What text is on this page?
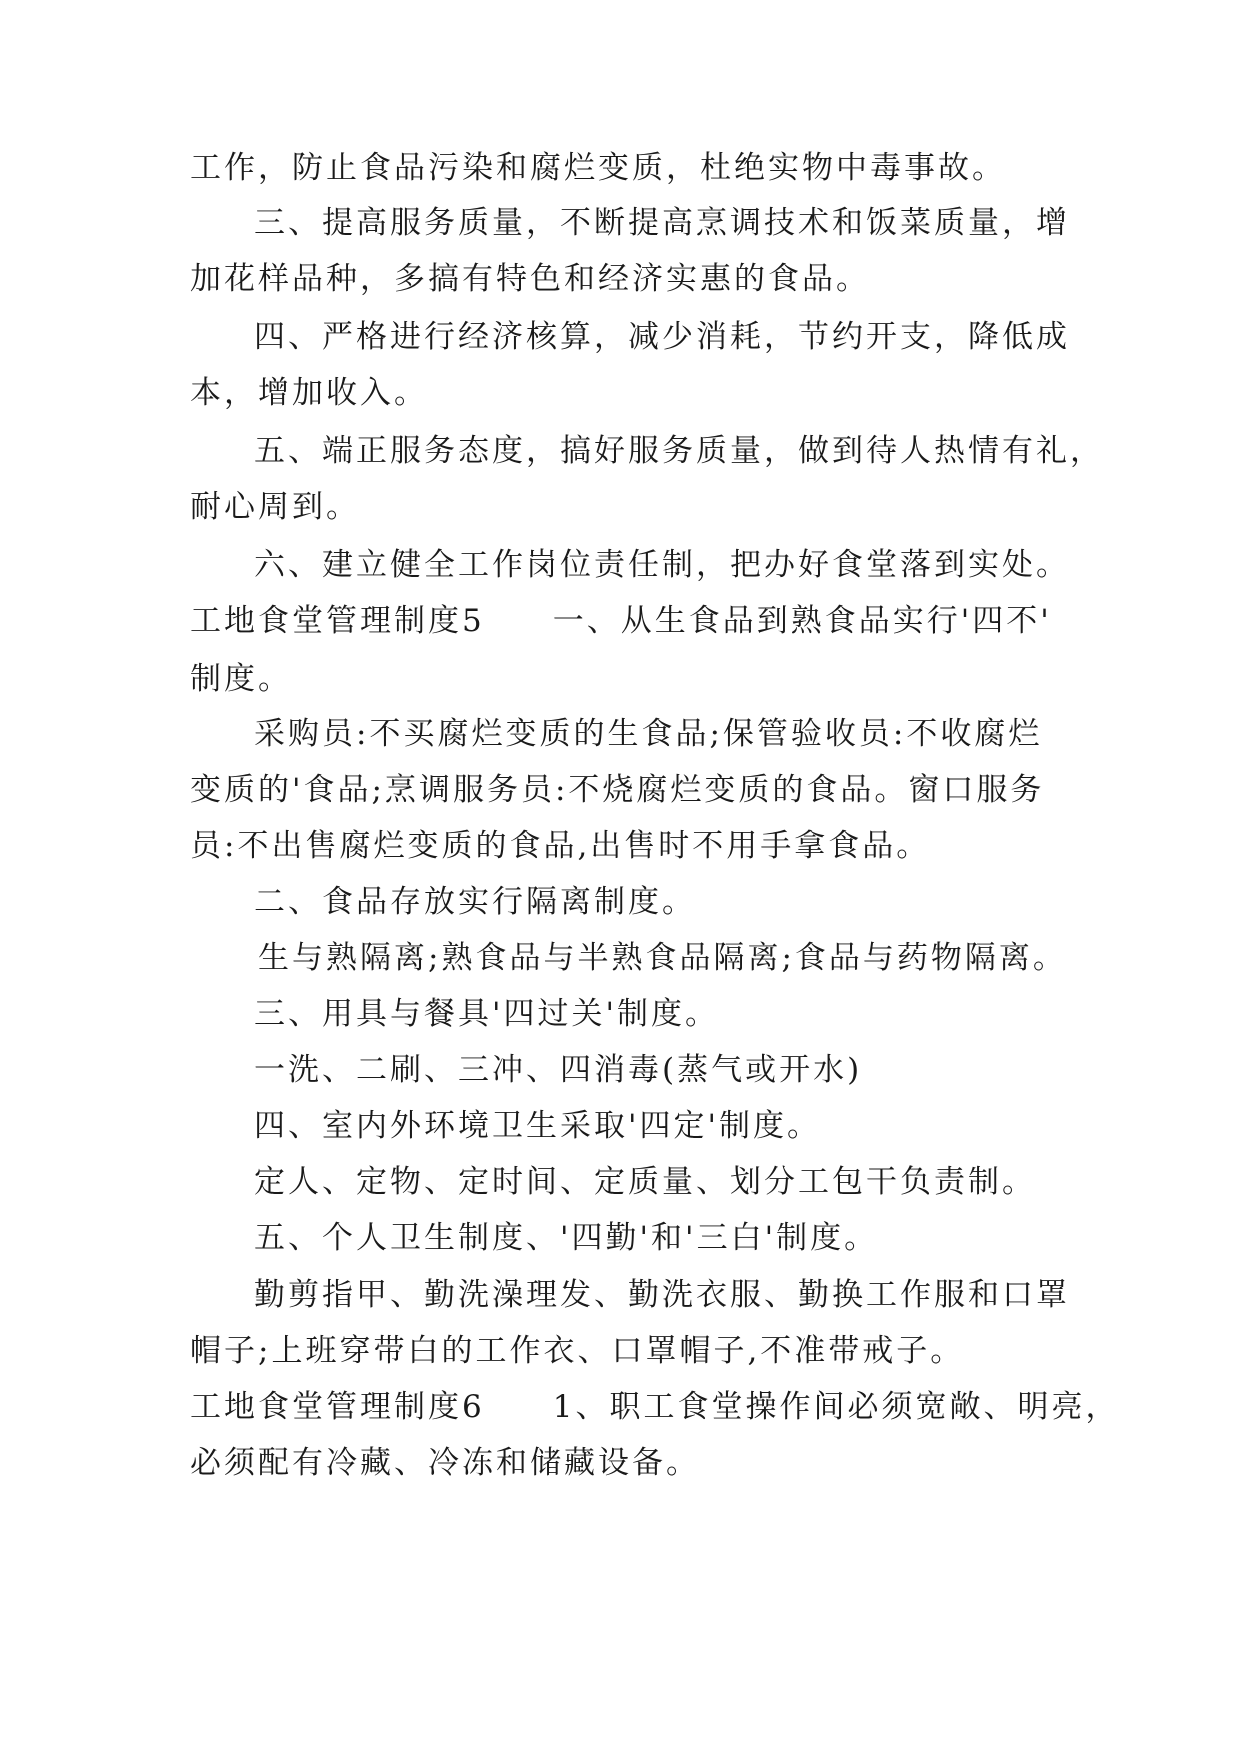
工作，防止食品污染和腐烂变质，杜绝实物中毒事故。
三、提高服务质量，不断提高烹调技术和饭菜质量，增
加花样品种，多搞有特色和经济实惠的食品。
四、严格进行经济核算，减少消耗，节约开支，降低成
本，增加收入。
五、端正服务态度，搞好服务质量，做到待人热情有礼，
耐心周到。
六、建立健全工作岗位责任制，把办好食堂落到实处。
工地食堂管理制度5　　一、从生食品到熟食品实行'四不'
制度。
采购员:不买腐烂变质的生食品;保管验收员:不收腐烂
变质的'食品;烹调服务员:不烧腐烂变质的食品。窗口服务
员:不出售腐烂变质的食品,出售时不用手拿食品。
二、食品存放实行隔离制度。
生与熟隔离;熟食品与半熟食品隔离;食品与药物隔离。
三、用具与餐具'四过关'制度。
一洗、二刷、三冲、四消毒(蒸气或开水)
四、室内外环境卫生采取'四定'制度。
定人、定物、定时间、定质量、划分工包干负责制。
五、个人卫生制度、'四勤'和'三白'制度。
勤剪指甲、勤洗澡理发、勤洗衣服、勤换工作服和口罩
帽子;上班穿带白的工作衣、口罩帽子,不准带戒子。
工地食堂管理制度6　　1、职工食堂操作间必须宽敞、明亮，
必须配有冷藏、冷冻和储藏设备。
